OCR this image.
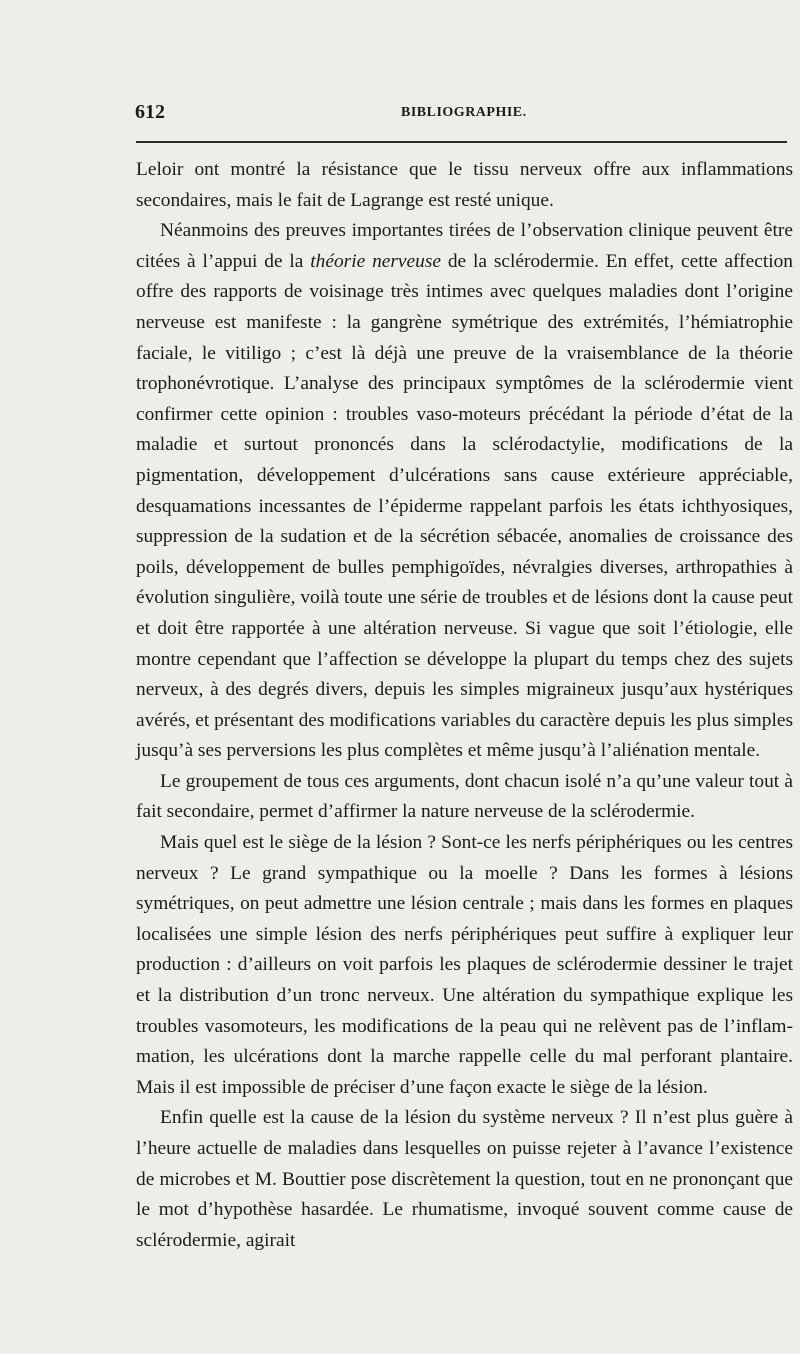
612	BIBLIOGRAPHIE.

Leloir ont montré la résistance que le tissu nerveux offre aux inflammations secondaires, mais le fait de Lagrange est resté unique.

Néanmoins des preuves importantes tirées de l’observation clinique peuvent être citées à l’appui de la théorie nerveuse de la sclérodermie. En effet, cette affection offre des rapports de voisinage très intimes avec quelques maladies dont l’origine nerveuse est manifeste : la gangrène symétrique des extrémités, l’hémiatrophie faciale, le vitiligo ; c’est là déjà une preuve de la vraisemblance de la théorie trophonévrotique. L’analyse des principaux symptômes de la sclérodermie vient confirmer cette opinion : troubles vaso-moteurs précédant la période d’état de la maladie et surtout prononcés dans la sclérodactylie, modifications de la pigmentation, développement d’ulcérations sans cause extérieure appréciable, desquamations incessantes de l’épiderme rappelant parfois les états ichthyosiques, suppression de la sudation et de la sécrétion sébacée, anomalies de croissance des poils, développement de bulles pemphigoïdes, névralgies diverses, arthropathies à évolution singulière, voilà toute une série de troubles et de lésions dont la cause peut et doit être rapportée à une altération nerveuse. Si vague que soit l’étiologie, elle montre cependant que l’affection se développe la plupart du temps chez des sujets nerveux, à des degrés divers, depuis les simples migraineux jusqu’aux hystériques avérés, et présentant des modifications variables du caractère depuis les plus simples jusqu’à ses perversions les plus complètes et même jusqu’à l’aliénation mentale.

Le groupement de tous ces arguments, dont chacun isolé n’a qu’une valeur tout à fait secondaire, permet d’affirmer la nature nerveuse de la sclérodermie.

Mais quel est le siège de la lésion ? Sont-ce les nerfs périphériques ou les centres nerveux ? Le grand sympathique ou la moelle ? Dans les formes à lésions symétriques, on peut admettre une lésion centrale ; mais dans les formes en plaques localisées une simple lésion des nerfs périphériques peut suffire à expliquer leur production : d’ailleurs on voit parfois les plaques de sclérodermie dessiner le trajet et la distribution d’un tronc nerveux. Une altération du sympathique explique les troubles vasomoteurs, les modifications de la peau qui ne relèvent pas de l’inflammation, les ulcérations dont la marche rappelle celle du mal perforant plantaire. Mais il est impossible de préciser d’une façon exacte le siège de la lésion.

Enfin quelle est la cause de la lésion du système nerveux ? Il n’est plus guère à l’heure actuelle de maladies dans lesquelles on puisse rejeter à l’avance l’existence de microbes et M. Bouttier pose discrètement la question, tout en ne prononçant que le mot d’hypothèse hasardée. Le rhumatisme, invoqué souvent comme cause de sclérodermie, agirait
